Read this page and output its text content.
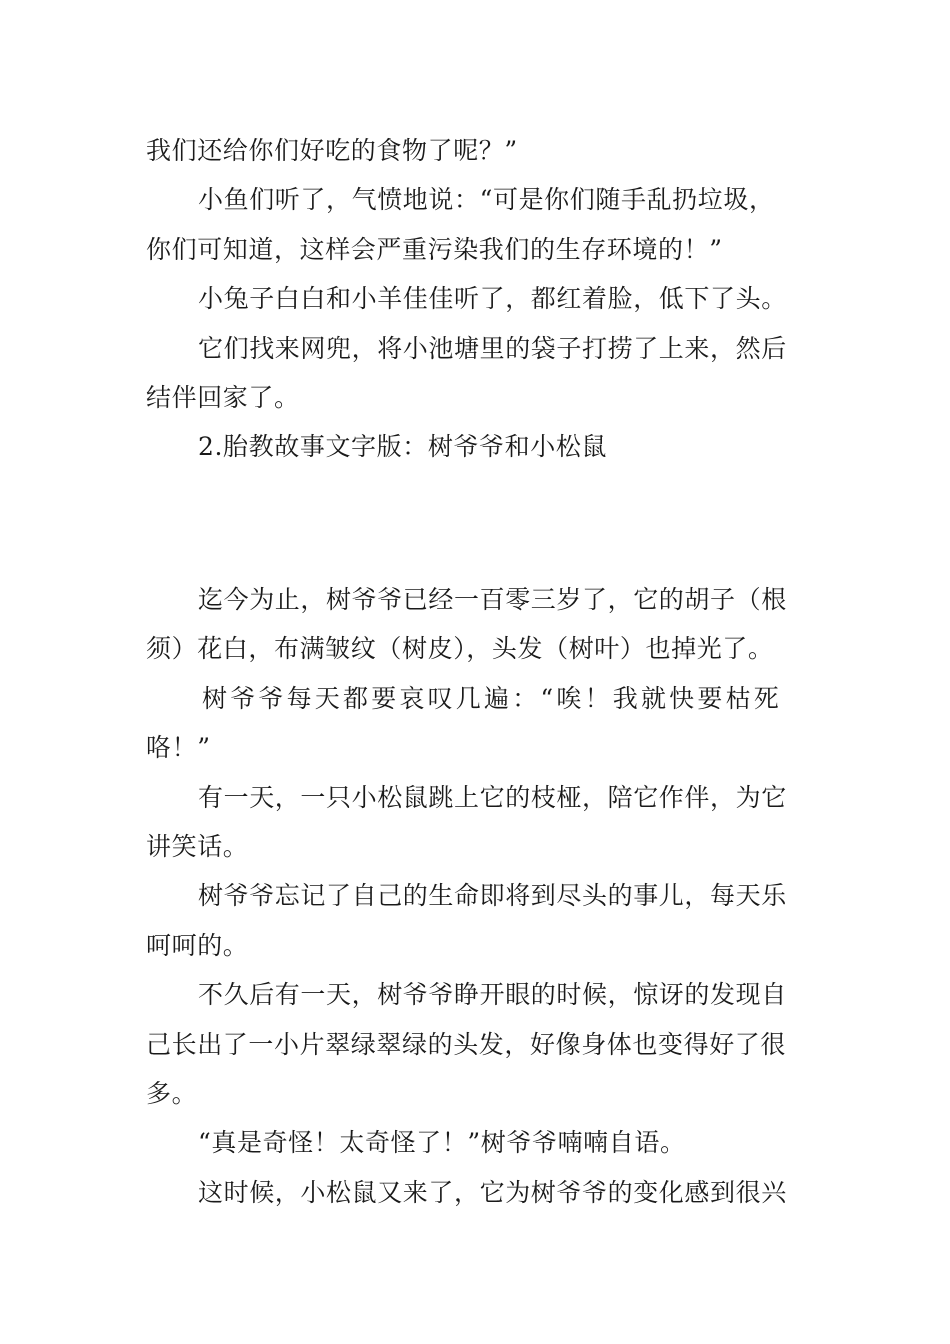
我们还给你们好吃的食物了呢？”
小鱼们听了，气愤地说：“可是你们随手乱扔垃圾，
你们可知道，这样会严重污染我们的生存环境的！”
小兔子白白和小羊佳佳听了，都红着脸，低下了头。
它们找来网兜，将小池塘里的袋子打捞了上来，然后
结伴回家了。
2.胎教故事文字版：树爷爷和小松鼠
迄今为止，树爷爷已经一百零三岁了，它的胡子（根
须）花白，布满皱纹（树皮），头发（树叶）也掉光了。
树爷爷每天都要哀叹几遍：“唉！我就快要枯死
咯！”
有一天，一只小松鼠跳上它的枝桠，陪它作伴，为它
讲笑话。
树爷爷忘记了自己的生命即将到尽头的事儿，每天乐
呵呵的。
不久后有一天，树爷爷睁开眼的时候，惊讶的发现自
己长出了一小片翠绿翠绿的头发，好像身体也变得好了很
多。
“真是奇怪！太奇怪了！”树爷爷喃喃自语。
这时候，小松鼠又来了，它为树爷爷的变化感到很兴
